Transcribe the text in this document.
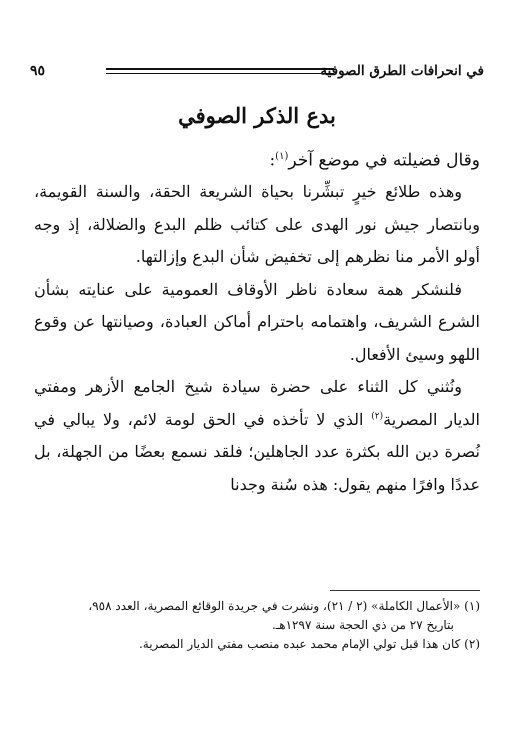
في انحرافات الطرق الصوفية
٩٥
بدع الذكر الصوفي
وقال فضيلته في موضع آخر$^{(١)}$:

وهذه طلائع خيرٍ تبشِّرنا بحياة الشريعة الحقة، والسنة القويمة، وبانتصار جيش نور الهدى على كتائب ظلم البدع والضلالة، إذ وجه أولو الأمر منا نظرهم إلى تخفيض شأن البدع وإزالتها.

فلنشكر همة سعادة ناظر الأوقاف العمومية على عنايته بشأن الشرع الشريف، واهتمامه باحترام أماكن العبادة، وصيانتها عن وقوع اللهو وسيئ الأفعال.

ونُثني كل الثناء على حضرة سيادة شيخ الجامع الأزهر ومفتي الديار المصرية$^{(٢)}$ الذي لا تأخذه في الحق لومة لائم، ولا يبالي في نُصرة دين الله بكثرة عدد الجاهلين؛ فلقد نسمع بعضًا من الجهلة، بل عددًا وافرًا منهم يقول: هذه سُنة وجدنا

(١) «الأعمال الكاملة» (٢ / ٢١)، ونشرت في جريدة الوقائع المصرية، العدد ٩٥٨،

بتاريخ ٢٧ من ذي الحجة سنة ١٢٩٧هـ.

(٢) كان هذا قبل تولي الإمام محمد عبده منصب مفتي الديار المصرية.
